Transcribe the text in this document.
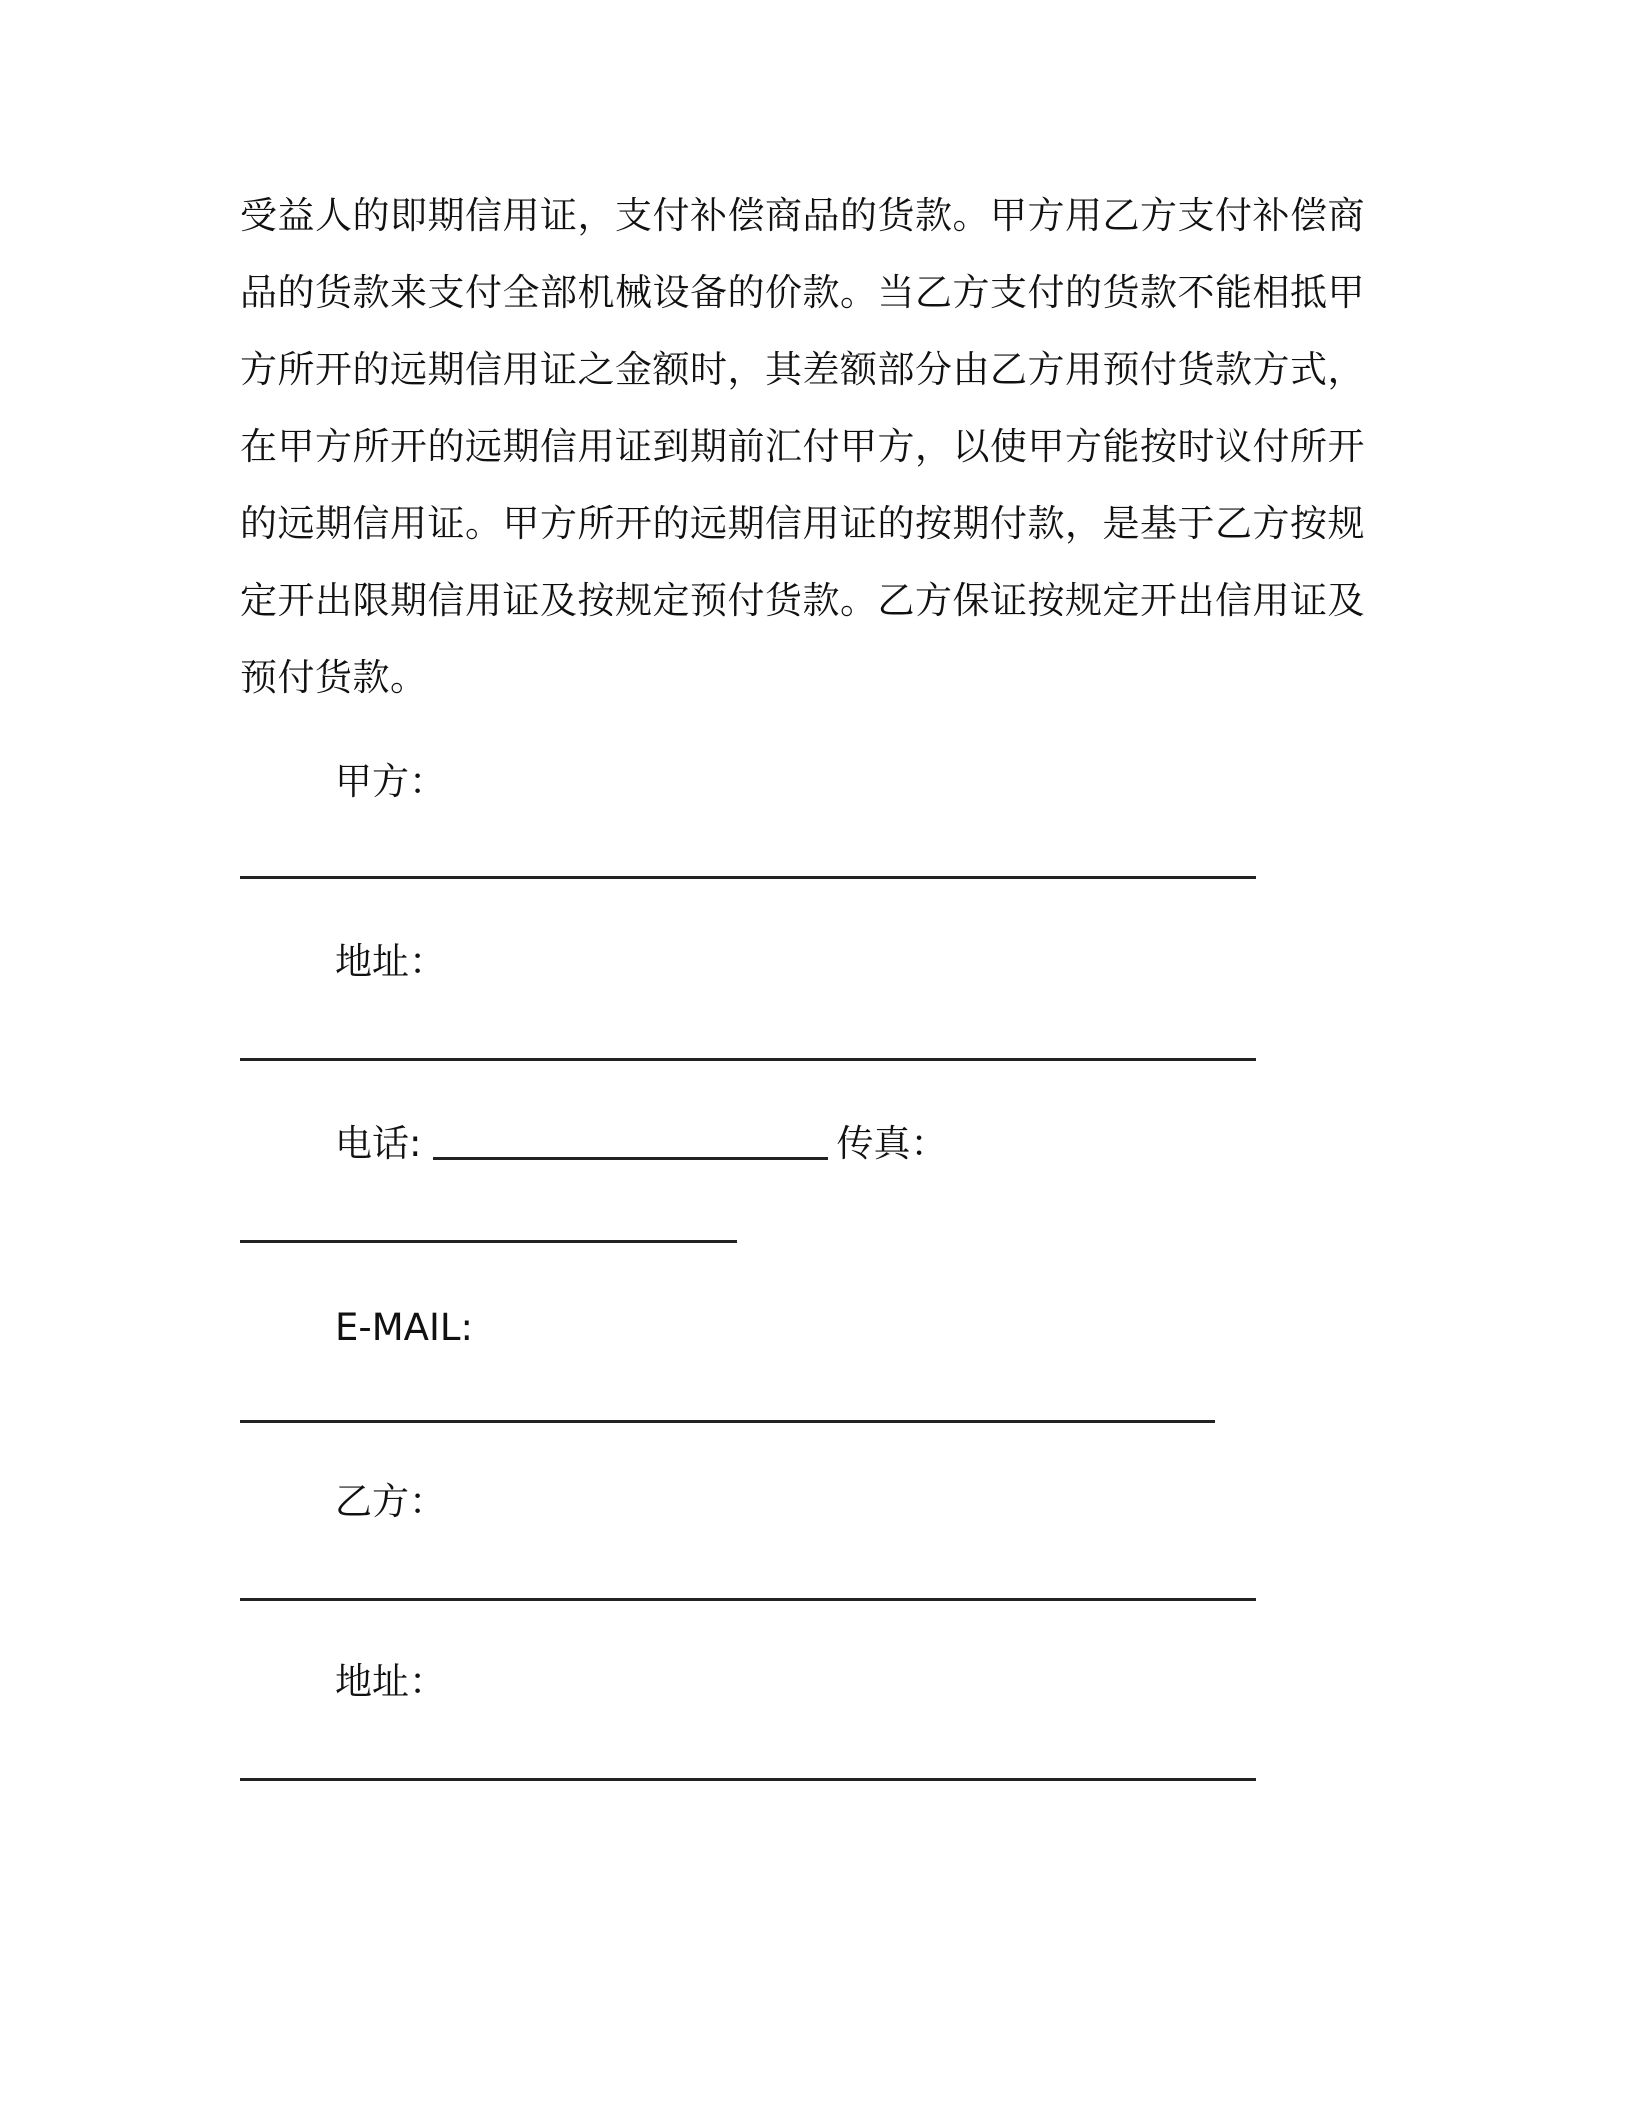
受益人的即期信用证，支付补偿商品的货款。甲方用乙方支付补偿商
品的货款来支付全部机械设备的价款。当乙方支付的货款不能相抵甲
方所开的远期信用证之金额时，其差额部分由乙方用预付货款方式，
在甲方所开的远期信用证到期前汇付甲方，以使甲方能按时议付所开
的远期信用证。甲方所开的远期信用证的按期付款，是基于乙方按规
定开出限期信用证及按规定预付货款。乙方保证按规定开出信用证及
预付货款。
甲方：
地址：
电话:	传真：
E-MAIL:
乙方：
地址：
